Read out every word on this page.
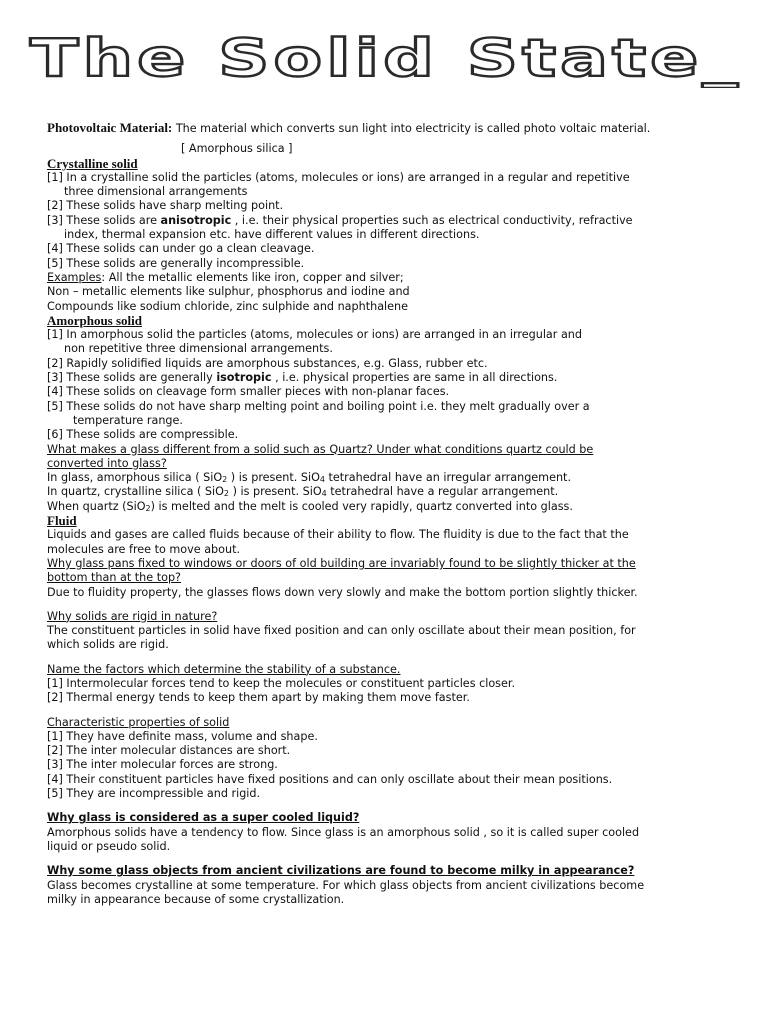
The Solid State_
Photovoltaic Material: The material which converts sun light into electricity is called photo voltaic material.
[ Amorphous silica ]
Crystalline solid
[1] In a crystalline solid the particles (atoms, molecules or ions) are arranged in a regular and repetitive
three dimensional arrangements
[2] These solids have sharp melting point.
[3] These solids are anisotropic , i.e. their physical properties such as electrical conductivity, refractive
index, thermal expansion etc. have different values in different directions.
[4] These solids can under go a clean cleavage.
[5] These solids are generally incompressible.
Examples: All the metallic elements like iron, copper and silver;
Non – metallic elements like sulphur, phosphorus and iodine and
Compounds like sodium chloride, zinc sulphide and naphthalene
Amorphous solid
[1] In amorphous solid the particles (atoms, molecules or ions) are arranged in an irregular and
non repetitive three dimensional arrangements.
[2] Rapidly solidified liquids are amorphous substances, e.g. Glass, rubber etc.
[3] These solids are generally isotropic , i.e. physical properties are same in all directions.
[4] These solids on cleavage form smaller pieces with non-planar faces.
[5] These solids do not have sharp melting point and boiling point i.e. they melt gradually over a
temperature range.
[6] These solids are compressible.
What makes a glass different from a solid such as Quartz? Under what conditions quartz could be
converted into glass?
In glass, amorphous silica ( SiO$_2$ ) is present. SiO$_4$ tetrahedral have an irregular arrangement.
In quartz, crystalline silica ( SiO$_2$ ) is present. SiO$_4$ tetrahedral have a regular arrangement.
When quartz (SiO$_2$) is melted and the melt is cooled very rapidly, quartz converted into glass.
Fluid
Liquids and gases are called fluids because of their ability to flow. The fluidity is due to the fact that the
molecules are free to move about.
Why glass pans fixed to windows or doors of old building are invariably found to be slightly thicker at the
bottom than at the top?
Due to fluidity property, the glasses flows down very slowly and make the bottom portion slightly thicker.
Why solids are rigid in nature?
The constituent particles in solid have fixed position and can only oscillate about their mean position, for
which solids are rigid.
Name the factors which determine the stability of a substance.
[1] Intermolecular forces tend to keep the molecules or constituent particles closer.
[2] Thermal energy tends to keep them apart by making them move faster.
Characteristic properties of solid
[1] They have definite mass, volume and shape.
[2] The inter molecular distances are short.
[3] The inter molecular forces are strong.
[4] Their constituent particles have fixed positions and can only oscillate about their mean positions.
[5] They are incompressible and rigid.
Why glass is considered as a super cooled liquid?
Amorphous solids have a tendency to flow. Since glass is an amorphous solid , so it is called super cooled
liquid or pseudo solid.
Why some glass objects from ancient civilizations are found to become milky in appearance?
Glass becomes crystalline at some temperature. For which glass objects from ancient civilizations become
milky in appearance because of some crystallization.
